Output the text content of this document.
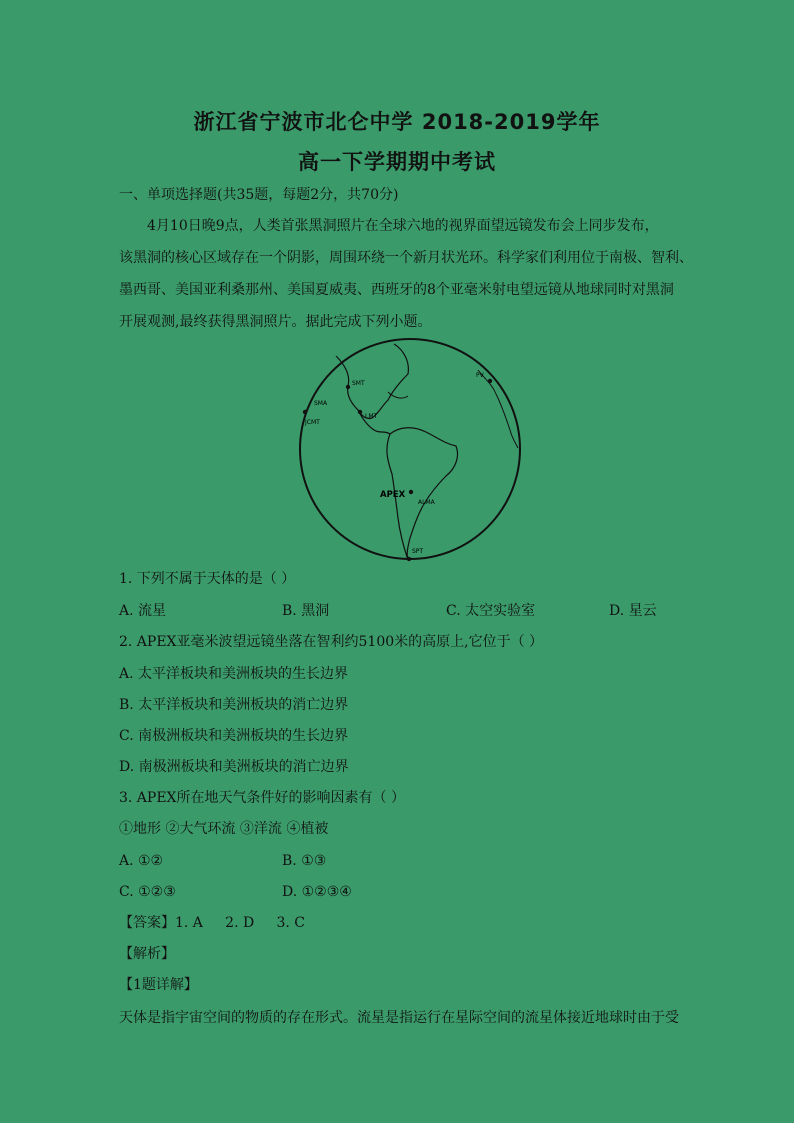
浙江省宁波市北仑中学 2018-2019学年
高一下学期期中考试
一、单项选择题(共35题，每题2分，共70分)
4月10日晚9点，人类首张黑洞照片在全球六地的视界面望远镜发布会上同步发布，
该黑洞的核心区域存在一个阴影，周围环绕一个新月状光环。科学家们利用位于南极、智利、
墨西哥、美国亚利桑那州、美国夏威夷、西班牙的8个亚毫米射电望远镜从地球同时对黑洞
开展观测,最终获得黑洞照片。据此完成下列小题。
SMT
SMA
JCMT
LMT
PV
APEX
ALMA
SPT
1. 下列不属于天体的是（ ）
A. 流星	B. 黑洞	C. 太空实验室	D. 星云
2. APEX亚毫米波望远镜坐落在智利约5100米的高原上,它位于（ ）
A. 太平洋板块和美洲板块的生长边界
B. 太平洋板块和美洲板块的消亡边界
C. 南极洲板块和美洲板块的生长边界
D. 南极洲板块和美洲板块的消亡边界
3. APEX所在地天气条件好的影响因素有（ ）
①地形 ②大气环流 ③洋流 ④植被
A. ①②	B. ①③
C. ①②③	D. ①②③④
【答案】1. A     2. D     3. C
【解析】
【1题详解】
天体是指宇宙空间的物质的存在形式。流星是指运行在星际空间的流星体接近地球时由于受
